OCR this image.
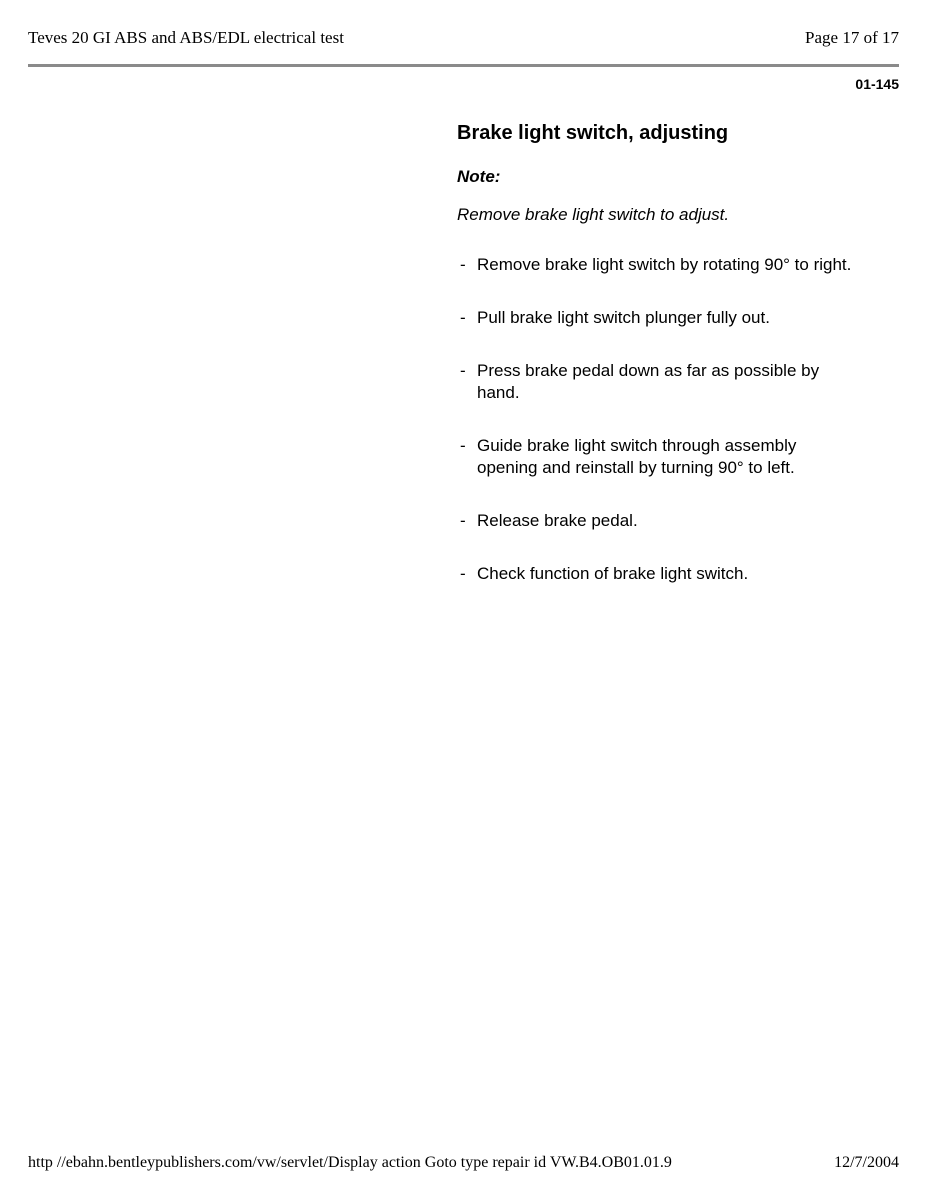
Teves 20 GI ABS and ABS/EDL electrical test	Page 17 of 17
01-145
Brake light switch, adjusting
Note:
Remove brake light switch to adjust.
- Remove brake light switch by rotating 90° to right.
- Pull brake light switch plunger fully out.
- Press brake pedal down as far as possible by hand.
- Guide brake light switch through assembly opening and reinstall by turning 90° to left.
- Release brake pedal.
- Check function of brake light switch.
http //ebahn.bentleypublishers.com/vw/servlet/Display action Goto type repair id VW.B4.OB01.01.9	12/7/2004
